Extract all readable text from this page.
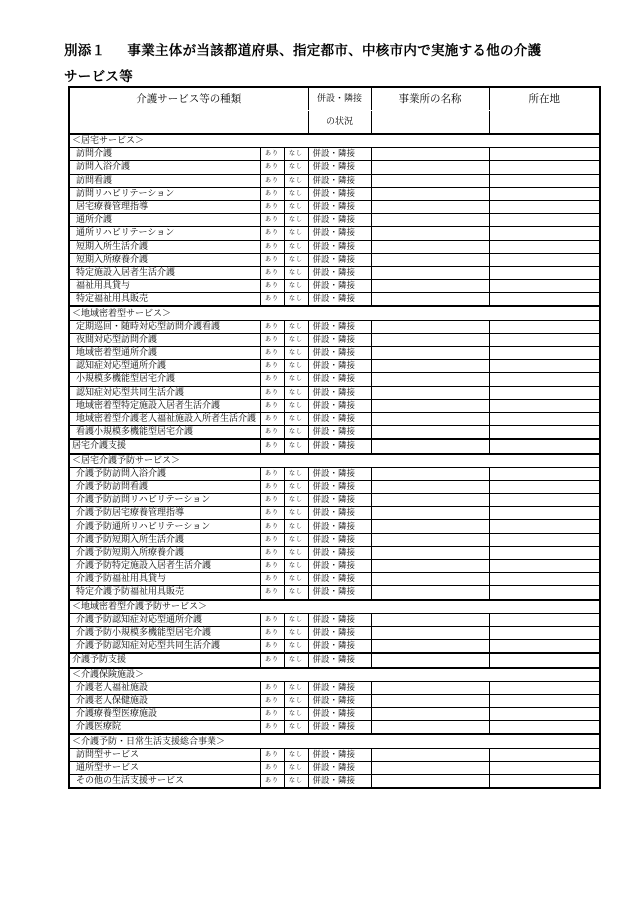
別添１ 事業主体が当該都道府県、指定都市、中核市内で実施する他の介護
サービス等
介護サービス等の種類			併設・隣接	事業所の名称	所在地
			の状況		
＜居宅サービス＞					
訪問介護	あり	なし	併設・隣接		
訪問入浴介護	あり	なし	併設・隣接		
訪問看護	あり	なし	併設・隣接		
訪問リハビリテーション	あり	なし	併設・隣接		
居宅療養管理指導	あり	なし	併設・隣接		
通所介護	あり	なし	併設・隣接		
通所リハビリテーション	あり	なし	併設・隣接		
短期入所生活介護	あり	なし	併設・隣接		
短期入所療養介護	あり	なし	併設・隣接		
特定施設入居者生活介護	あり	なし	併設・隣接		
福祉用具貸与	あり	なし	併設・隣接		
特定福祉用具販売	あり	なし	併設・隣接		
＜地域密着型サービス＞					
定期巡回・随時対応型訪問介護看護	あり	なし	併設・隣接		
夜間対応型訪問介護	あり	なし	併設・隣接		
地域密着型通所介護	あり	なし	併設・隣接		
認知症対応型通所介護	あり	なし	併設・隣接		
小規模多機能型居宅介護	あり	なし	併設・隣接		
認知症対応型共同生活介護	あり	なし	併設・隣接		
地域密着型特定施設入居者生活介護	あり	なし	併設・隣接		
地域密着型介護老人福祉施設入所者生活介護	あり	なし	併設・隣接		
看護小規模多機能型居宅介護	あり	なし	併設・隣接		
居宅介護支援	あり	なし	併設・隣接		
＜居宅介護予防サービス＞					
介護予防訪問入浴介護	あり	なし	併設・隣接		
介護予防訪問看護	あり	なし	併設・隣接		
介護予防訪問リハビリテーション	あり	なし	併設・隣接		
介護予防居宅療養管理指導	あり	なし	併設・隣接		
介護予防通所リハビリテーション	あり	なし	併設・隣接		
介護予防短期入所生活介護	あり	なし	併設・隣接		
介護予防短期入所療養介護	あり	なし	併設・隣接		
介護予防特定施設入居者生活介護	あり	なし	併設・隣接		
介護予防福祉用具貸与	あり	なし	併設・隣接		
特定介護予防福祉用具販売	あり	なし	併設・隣接		
＜地域密着型介護予防サービス＞					
介護予防認知症対応型通所介護	あり	なし	併設・隣接		
介護予防小規模多機能型居宅介護	あり	なし	併設・隣接		
介護予防認知症対応型共同生活介護	あり	なし	併設・隣接		
介護予防支援	あり	なし	併設・隣接		
＜介護保険施設＞					
介護老人福祉施設	あり	なし	併設・隣接		
介護老人保健施設	あり	なし	併設・隣接		
介護療養型医療施設	あり	なし	併設・隣接		
介護医療院	あり	なし	併設・隣接		
＜介護予防・日常生活支援総合事業＞					
訪問型サービス	あり	なし	併設・隣接		
通所型サービス	あり	なし	併設・隣接		
その他の生活支援サービス	あり	なし	併設・隣接		
